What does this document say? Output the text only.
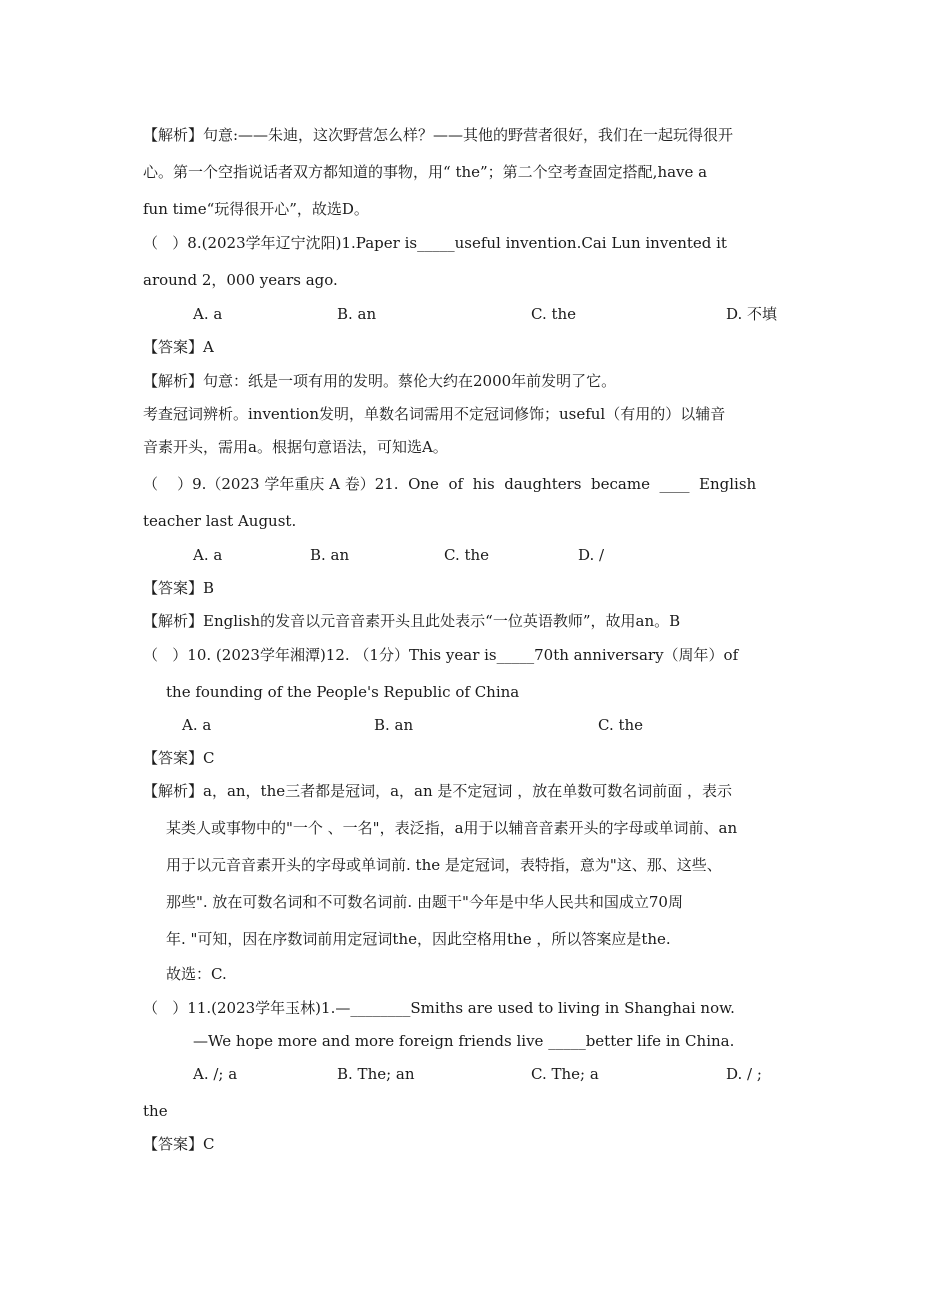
【解析】句意:——朱迪，这次野营怎么样？——其他的野营者很好，我们在一起玩得很开
心。第一个空指说话者双方都知道的事物，用“ the”；第二个空考查固定搭配,have a
fun time“玩得很开心”，故选D。
（   ）8.(2023学年辽宁沈阳)1.Paper is_____useful invention.Cai Lun invented it
around 2，000 years ago.
A. a	B. an	C. the	D. 不填
【答案】A
【解析】句意：纸是一项有用的发明。蔡伦大约在2000年前发明了它。
考查冠词辨析。invention发明，单数名词需用不定冠词修饰；useful（有用的）以辅音
音素开头，需用a。根据句意语法，可知选A。
（    ）9.（2023 学年重庆 A 卷）21.  One  of  his  daughters  became  ____  English
teacher last August.
A. a	B. an	C. the	D. /
【答案】B
【解析】English的发音以元音音素开头且此处表示“一位英语教师”，故用an。B
（   ）10. (2023学年湘潭)12. （1分）This year is_____70th anniversary（周年）of
the founding of the People's Republic of China
A. a	B. an	C. the
【答案】C
【解析】a，an，the三者都是冠词，a，an 是不定冠词 ，放在单数可数名词前面 ，表示
某类人或事物中的"一个 、一名"，表泛指，a用于以辅音音素开头的字母或单词前、an
用于以元音音素开头的字母或单词前. the 是定冠词，表特指，意为"这、那、这些、
那些". 放在可数名词和不可数名词前. 由题干"今年是中华人民共和国成立70周
年. "可知，因在序数词前用定冠词the，因此空格用the ，所以答案应是the.
故选：C.
（   ）11.(2023学年玉林)1.—________Smiths are used to living in Shanghai now.
—We hope more and more foreign friends live _____better life in China.
A. /; a	B. The; an	C. The; a	D. / ;
the
【答案】C
